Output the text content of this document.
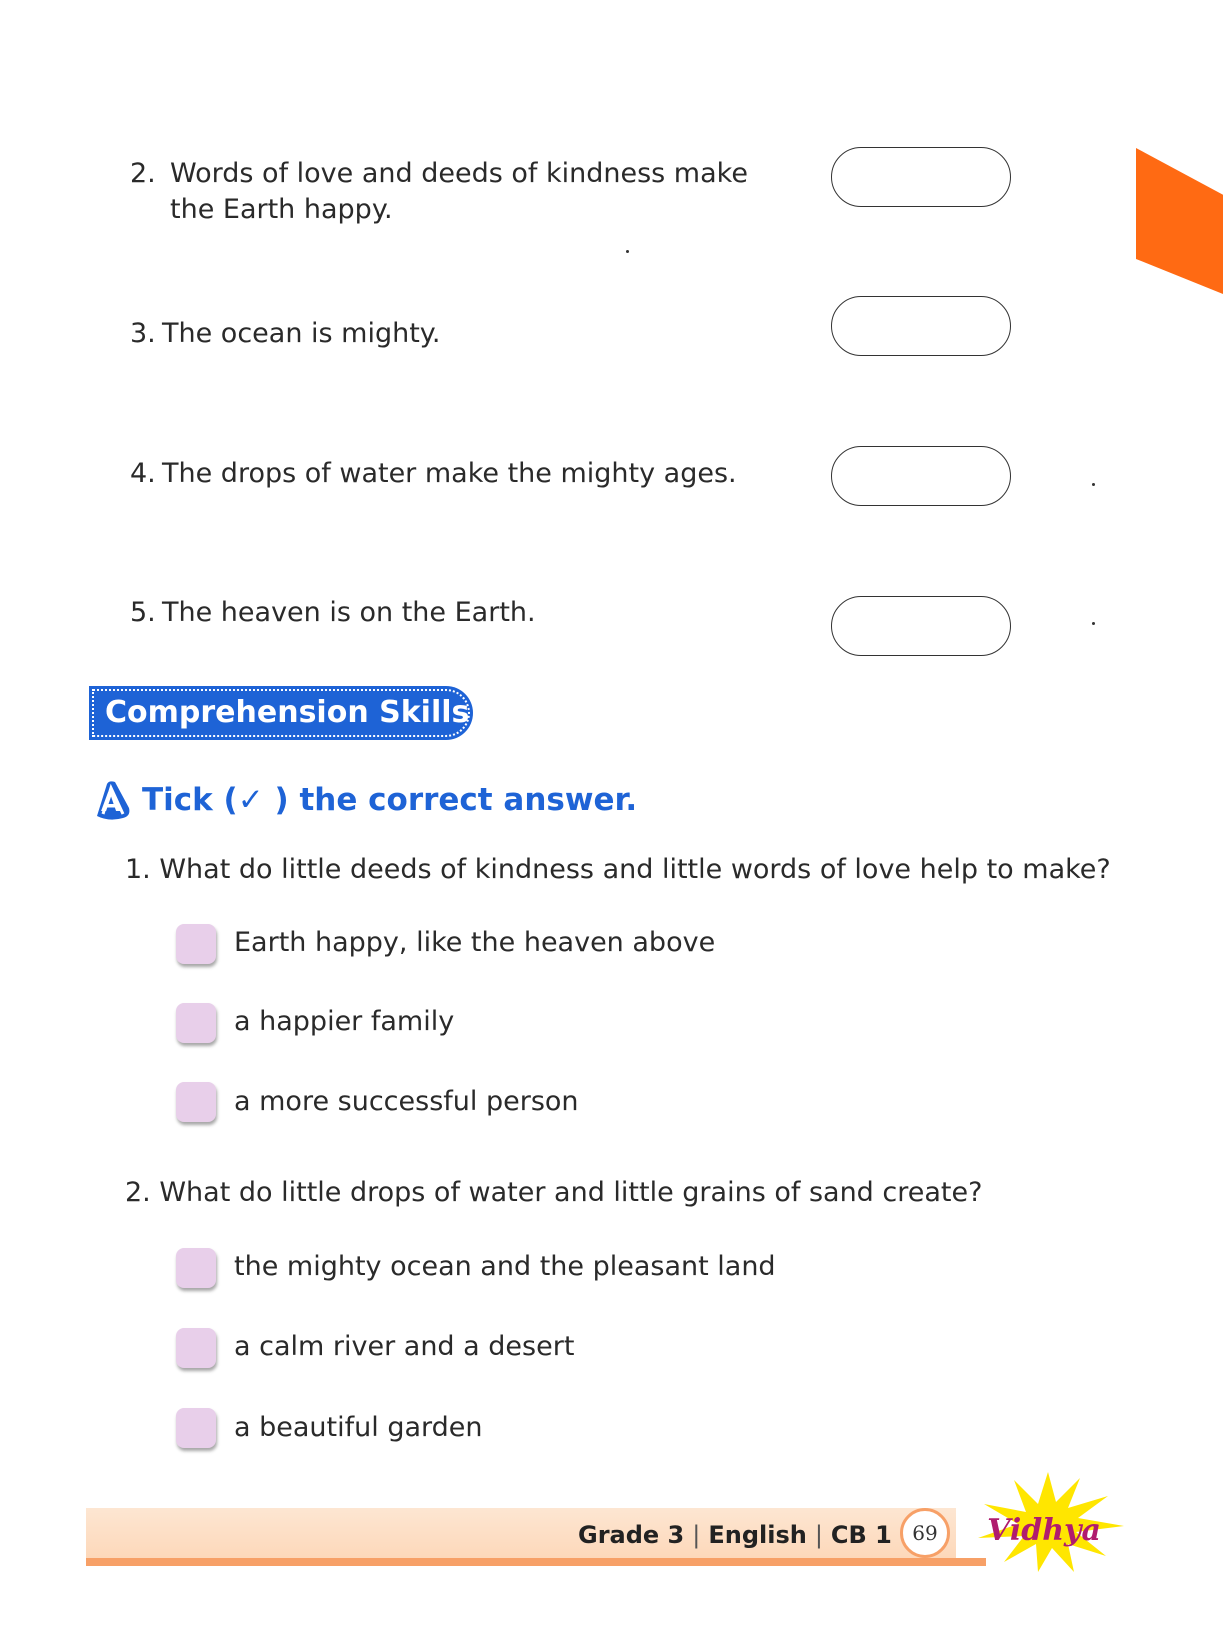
2. Words of love and deeds of kindness make
the Earth happy.
3. The ocean is mighty.
4. The drops of water make the mighty ages.
5. The heaven is on the Earth.
Comprehension Skills
A Tick (✓ ) the correct answer.
1. What do little deeds of kindness and little words of love help to make?
Earth happy, like the heaven above
a happier family
a more successful person
2. What do little drops of water and little grains of sand create?
the mighty ocean and the pleasant land
a calm river and a desert
a beautiful garden
Grade 3 | English | CB 1	69	Vidhya
